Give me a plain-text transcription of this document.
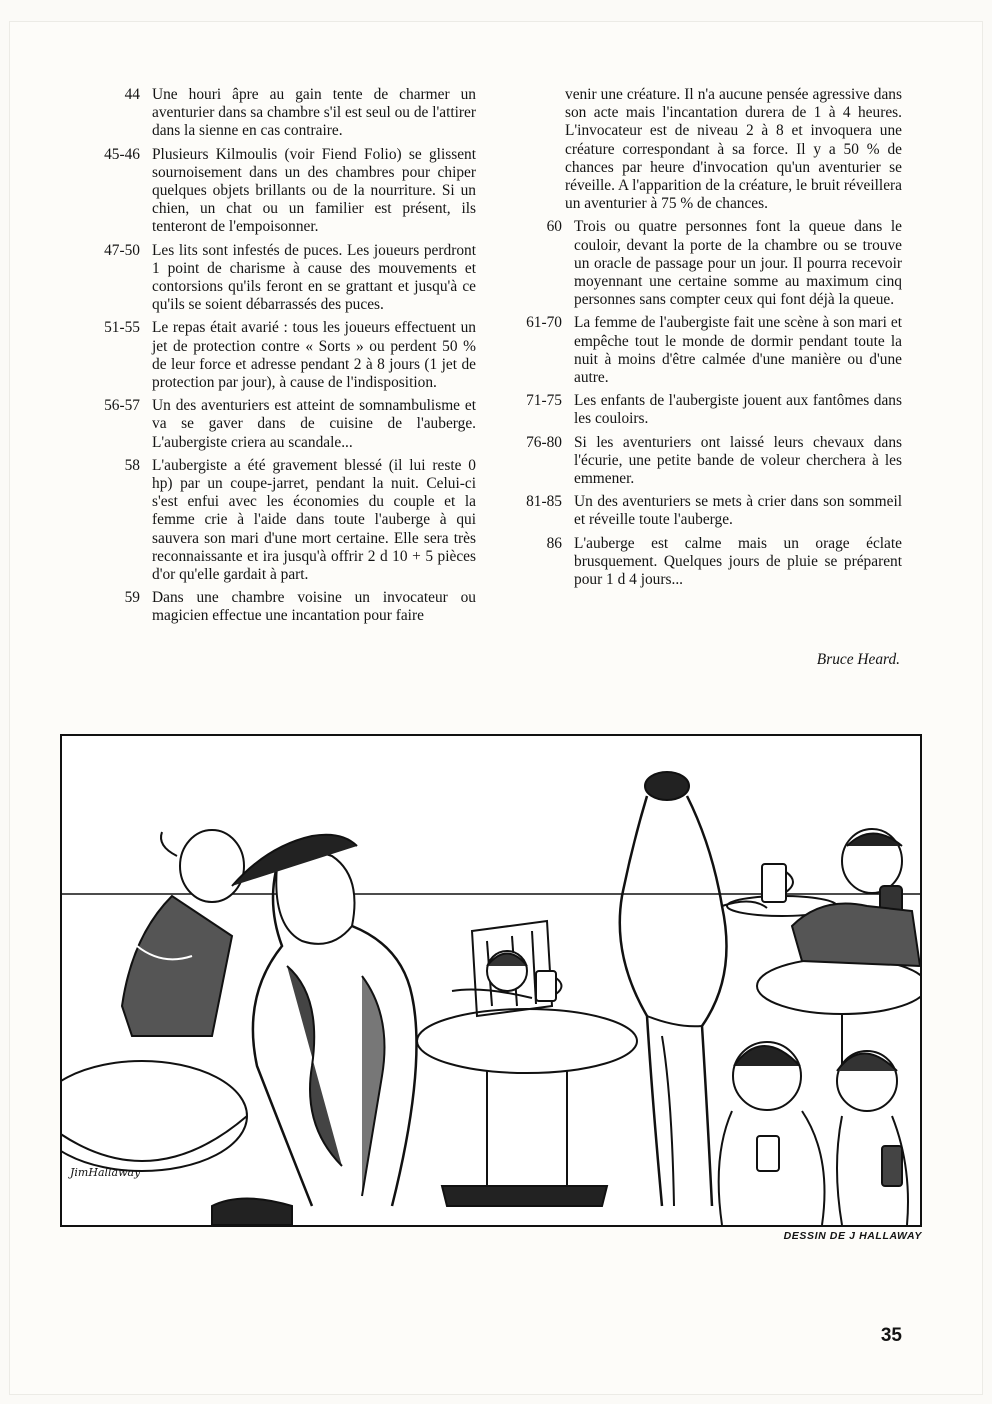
44 Une houri âpre au gain tente de charmer un aventurier dans sa chambre s'il est seul ou de l'attirer dans la sienne en cas contraire.
45-46 Plusieurs Kilmoulis (voir Fiend Folio) se glissent sournoisement dans un des chambres pour chiper quelques objets brillants ou de la nourriture. Si un chien, un chat ou un familier est présent, ils tenteront de l'empoisonner.
47-50 Les lits sont infestés de puces. Les joueurs perdront 1 point de charisme à cause des mouvements et contorsions qu'ils feront en se grattant et jusqu'à ce qu'ils se soient débarrassés des puces.
51-55 Le repas était avarié : tous les joueurs effectuent un jet de protection contre « Sorts » ou perdent 50 % de leur force et adresse pendant 2 à 8 jours (1 jet de protection par jour), à cause de l'indisposition.
56-57 Un des aventuriers est atteint de somnambulisme et va se gaver dans de cuisine de l'auberge. L'aubergiste criera au scandale...
58 L'aubergiste a été gravement blessé (il lui reste 0 hp) par un coupe-jarret, pendant la nuit. Celui-ci s'est enfui avec les économies du couple et la femme crie à l'aide dans toute l'auberge à qui sauvera son mari d'une mort certaine. Elle sera très reconnaissante et ira jusqu'à offrir 2 d 10 + 5 pièces d'or qu'elle gardait à part.
59 Dans une chambre voisine un invocateur ou magicien effectue une incantation pour faire
venir une créature. Il n'a aucune pensée agressive dans son acte mais l'incantation durera de 1 à 4 heures. L'invocateur est de niveau 2 à 8 et invoquera une créature correspondant à sa force. Il y a 50 % de chances par heure d'invocation qu'un aventurier se réveille. A l'apparition de la créature, le bruit réveillera un aventurier à 75 % de chances.
60 Trois ou quatre personnes font la queue dans le couloir, devant la porte de la chambre ou se trouve un oracle de passage pour un jour. Il pourra recevoir moyennant une certaine somme au maximum cinq personnes sans compter ceux qui font déjà la queue.
61-70 La femme de l'aubergiste fait une scène à son mari et empêche tout le monde de dormir pendant toute la nuit à moins d'être calmée d'une manière ou d'une autre.
71-75 Les enfants de l'aubergiste jouent aux fantômes dans les couloirs.
76-80 Si les aventuriers ont laissé leurs chevaux dans l'écurie, une petite bande de voleur cherchera à les emmener.
81-85 Un des aventuriers se mets à crier dans son sommeil et réveille toute l'auberge.
86 L'auberge est calme mais un orage éclate brusquement. Quelques jours de pluie se préparent pour 1 d 4 jours...
Bruce Heard.
JimHallaway
DESSIN DE J HALLAWAY
35
